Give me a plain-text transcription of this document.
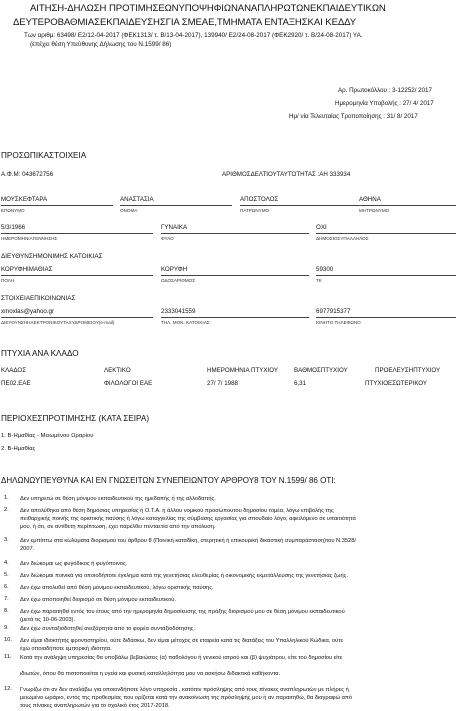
ΑΙΤΗΣΗ-ΔΗΛΩΣΗ ΠΡΟΤΙΜΗΣΕΩΝΥΠΟΨΗΦΙΩΝΑΝΑΠΛΗΡΩΤΩΝΕΚΠΑΙΔΕΥΤΙΚΩΝ
ΔΕΥΤΕΡΟΒΑΘΜΙΑΣΕΚΠΑΙΔΕΥΣΗΣΓΙΑ ΣΜΕΑΕ,ΤΜΗΜΑΤΑ ΕΝΤΑΞΗΣΚΑΙ ΚΕΔΔΥ
Των αριθμ: 63498/ Ε2/12-04-2017 (ΦΕΚ1313/ τ. Β/13-04-2017), 139940/ Ε2/24-08-2017 (ΦΕΚ2920/ τ. Β/24-08-2017) ΥΑ.
(επέχει θέση Υπεύθυνης Δήλωσης του Ν.1599/ 86)
Αρ. Πρωτοκόλλου : 3-12252/ 2017
Ημερομηνία Υποβολής : 27/ 4/ 2017
Ημ/ νία Τελευταίας Τροποποίησης : 31/ 8/ 2017
ΠΡΟΣΩΠΙΚΑΣΤΟΙΧΕΙΑ
Α.Φ.Μ: 043672756	ΑΡΙΘΜΟΣΔΕΛΤΙΟΥΤΑΥΤΟΤΗΤΑΣ :ΑΗ 333934
ΜΟΥΣΚΕΦΤΑΡΑ	ΑΝΑΣΤΑΣΙΑ	ΑΠΟΣΤΟΛΟΣ	ΑΘΗΝΑ
ΕΠΩΝΥΜΟ	ΟΝΟΜΑ	ΠΑΤΡΩΝΥΜΟ	ΜΗΤΡΩΝΥΜΟ
5/3/1966	ΓΥΝΑΙΚΑ	ΟΧΙ
ΗΜΕΡΟΜΗΝΙΑΓΕΝΝΗΣΗΣ	ΦΥΛΟ	ΔΗΜΟΣΙΟΣΥΠΑΛΛΗΛΟΣ
ΔΙΕΥΘΥΝΣΗΜΟΝΙΜΗΣ ΚΑΤΟΙΚΙΑΣ
ΚΟΡΥΦΗΙΜΑΘΙΑΣ	ΚΟΡΥΦΗ	59300
ΠΟΛΗ	ΟΔΟΣΑΡΙΘΜΟΣ	ΤΚ
ΣΤΟΙΧΕΙΑΕΠΙΚΟΙΝΩΝΙΑΣ
xmoxlas@yahoo.gr	2333041559	6977915377
ΔΙΕΥΘΥΝΣΗΗΛΕΚΤΡΟΝΙΚΟΥΤΑΧΥΔΡΟΜΕΙΟΥ(e-mail)	ΤΗΛ. ΜΟΝ. ΚΑΤΟΙΚΙΑΣ	ΚΙΝΗΤΟ ΤΗΛΕΦΩΝΟ
ΠΤΥΧΙΑ ΑΝΑ ΚΛΑΔΟ
ΚΛΑΔΟΣ	ΛΕΚΤΙΚΟ	ΗΜΕΡΟΜΗΝΙΑ ΠΤΥΧΙΟΥ	ΒΑΘΜΟΣΠΤΥΧΙΟΥ	ΠΡΟΕΛΕΥΣΗΠΤΥΧΙΟΥ
ΠΕ02.ΕΑΕ	ΦΙΛΟΛΟΓΟΙ ΕΑΕ	27/ 7/ 1988	6,31	ΠΤΥΧΙΟΕΣΩΤΕΡΙΚΟΥ
ΠΕΡΙΟΧΕΣΠΡΟΤΙΜΗΣΗΣ (ΚΑΤΑ ΣΕΙΡΑ)
1. Β-Ημαθίας - Μειωμένου Ωραρίου
2. Β-Ημαθίας
ΔΗΛΩΝΩΥΠΕΥΘΥΝΑ ΚΑΙ ΕΝ ΓΝΩΣΕΙΤΩΝ ΣΥΝΕΠΕΙΩΝΤΟΥ ΑΡΘΡΟΥ8 ΤΟΥ Ν.1599/ 86 ΟΤΙ:
1. Δεν υπηρετώ σε θέση μόνιμου εκπαιδευτικού της ημεδαπής ή της αλλοδαπής.
2. Δεν απολύθηκα από θέση δημόσιας υπηρεσίας ή Ο.Τ.Α. ή άλλου νομικού προσώπουτου δημοσίου τομέα, λόγω επιβολής της
πειθαρχικής ποινής της οριστικής παύσης ή λόγω καταγγελίας της σύμβασης εργασίας για σπουδαίο λόγο, αφειλόμενο σε υπαιτιότητά
μου, ή ότι, σε αντίθετη περίπτωση, έχει παρέλθει πενταετία από την απόλυση.
3. Δεν εμπίπτω στα κωλύματα διορισμού του άρθρου 8 (Ποινική καταδίκη, στερητική ή επικουρική δικαστική συμπαράσταση)του Ν.3528/
2007.
4. Δεν διώκομαι ως φυγόδικος ή φυγόποινος.
5. Δεν διώκομαι ποινικά για οποιοδήποτε έγκλημα κατά της γενετήσιας ελευθερίας ή οικονομικής εκμετάλλευσης της γενετήσιας ζωής.
6. Δεν έχω απολυθεί από θέση μόνιμου εκπαιδευτικού, λόγω οριστικής παύσης.
7. Δεν έχω αποποιηθεί διορισμό σε θέση μόνιμου εκπαιδευτικού.
8. Δεν έχω παραιτηθεί εντός του έτους από την ημερομηνία δημοσίευσης της πράξης διορισμού μου σε θέση μόνιμου εκπαιδευτικού
(μετά τις 10-06-2003).
9. Δεν έχω συνταξιοδοτηθεί ανεξάρτητα από το φορέα συνταξιοδότησης.
10. Δεν είμαι ιδιοκτήτης φροντιστηρίου, ούτε διδάσκω, δεν είμαι μέτοχος σε εταιρεία κατά τις διατάξεις του Υπαλληλικού Κώδικα, ούτε
έχω οποιαδήποτε εμπορική ιδιότητα.
11. Κατά την ανάληψη υπηρεσίας θα υποβάλω βεβαιώσεις (α) παθολόγου ή γενικού ιατρού και (β) ψυχιάτρου, είτε του δημοσίου είτε
ιδιωτών, όπου θα πιστοποιείται η υγεία και φυσική καταλληλότητα μου να ασκήσω διδακτικά καθήκοντα.
12. Γνωρίζω ότι αν δεν αναλάβω για οποιονδήποτε λόγο υπηρεσία , κατόπιν πρόσληψης από τους πίνακες αναπληρωτών με πλήρες ή
μειωμένο ωράριο, εντός της προθεσμίας που ορίζεται κατά την ανακοίνωση της πρόσληψής μου ή αν παραιτηθώ, θα διαγραφώ από
τους πίνακες αναπληρωτών για το σχολικό έτος 2017-2018.
